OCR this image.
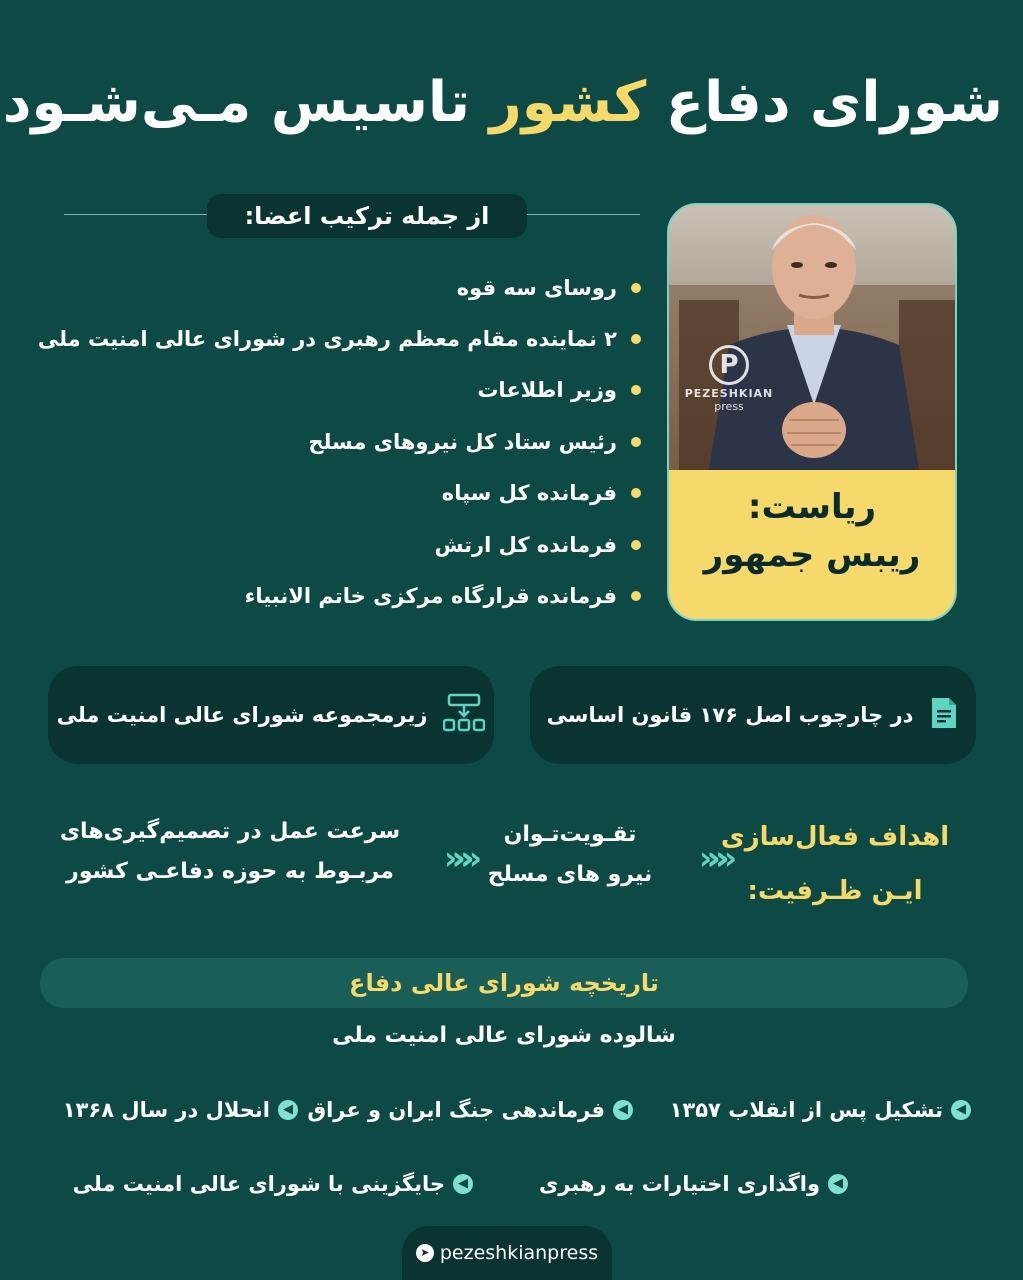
شورای دفاع کشور تاسیس مـی‌شـود
از جمله ترکیب اعضا:
روسای سه قوه
۲ نماینده مقام معظم رهبری در شورای عالی امنیت ملی
وزیر اطلاعات
رئیس ستاد کل نیروهای مسلح
فرمانده کل سپاه
فرمانده کل ارتش
فرمانده قرارگاه مرکزی خاتم الانبیاء
P
PEZESHKIAN
press
ریاست:
ریبس جمهور
در چارچوب اصل ۱۷۶ قانون اساسی
زیرمجموعه شورای عالی امنیت ملی
اهداف فعال‌سازی
ایـن ظـرفیت:
«««
تقـویت‌تـوان
نیرو های مسلح
«««
سرعت عمل در تصمیم‌گیری‌های
مربـوط به حوزه دفاعـی کشور
تاریخچه شورای عالی دفاع
شالوده شورای عالی امنیت ملی
◀
تشکیل پس از انقلاب ۱۳۵۷
◀
فرماندهی جنگ ایران و عراق
◀
انحلال در سال ۱۳۶۸
◀
واگذاری اختیارات به رهبری
◀
جایگزینی با شورای عالی امنیت ملی
➤ pezeshkianpress
